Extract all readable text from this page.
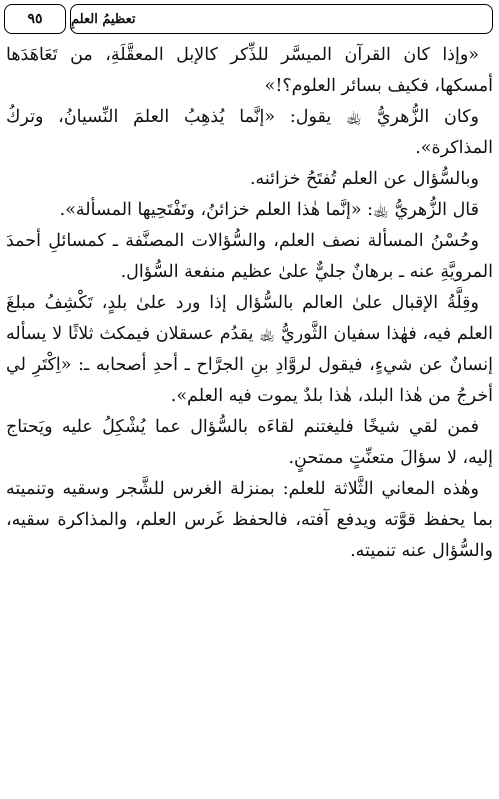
٩٥ تعظيمُ العلمِ

«وإذا كان القرآن الميسَّر للذِّكر كالإبل المعقَّلَةِ، من تَعَاهَدَها أمسكها، فكيف بسائر العلوم؟!»

وكان الزُّهريُّ ﵀ يقول: «إنَّما يُذهِبُ العلمَ النِّسيانُ، وتركُ المذاكرة».

وبالسُّؤال عن العلم تُفتَحُ خزائنه.

قال الزُّهريُّ ﵀: «إنَّما هٰذا العلم خزائنُ، وتَفْتَحِيها المسألة».

وحُسْنُ المسألة نصف العلم، والسُّؤالات المصنَّفة ـ كمسائلِ أحمدَ المرويَّةِ عنه ـ برهانٌ جليٌّ علىٰ عظيم منفعة السُّؤال.

وقِلَّةُ الإقبال علىٰ العالم بالسُّؤال إذا ورد علىٰ بلدٍ، تَكْشِفُ مبلغَ العلم فيه، فهٰذا سفيان الثَّوريُّ ﵀ يقدُم عسقلان فيمكث ثلاثًا لا يسأله إنسانٌ عن شيءٍ، فيقول لروَّادِ بنِ الجرَّاح ـ أحدِ أصحابه ـ: «اِكْتَرِ لي أخرجُ من هٰذا البلد، هٰذا بلدٌ يموت فيه العلم».

فمن لقي شيخًا فليغتنم لقاءَه بالسُّؤال عما يُشْكِلُ عليه ويَحتاج إليه، لا سؤالَ متعنِّتٍ ممتحنٍ.

وهٰذه المعاني الثَّلاثة للعلم: بمنزلة الغرس للشَّجر وسقيه وتنميته بما يحفظ قوَّته ويدفع آفته، فالحفظ غَرس العلم، والمذاكرة سقيه، والسُّؤال عنه تنميته.
